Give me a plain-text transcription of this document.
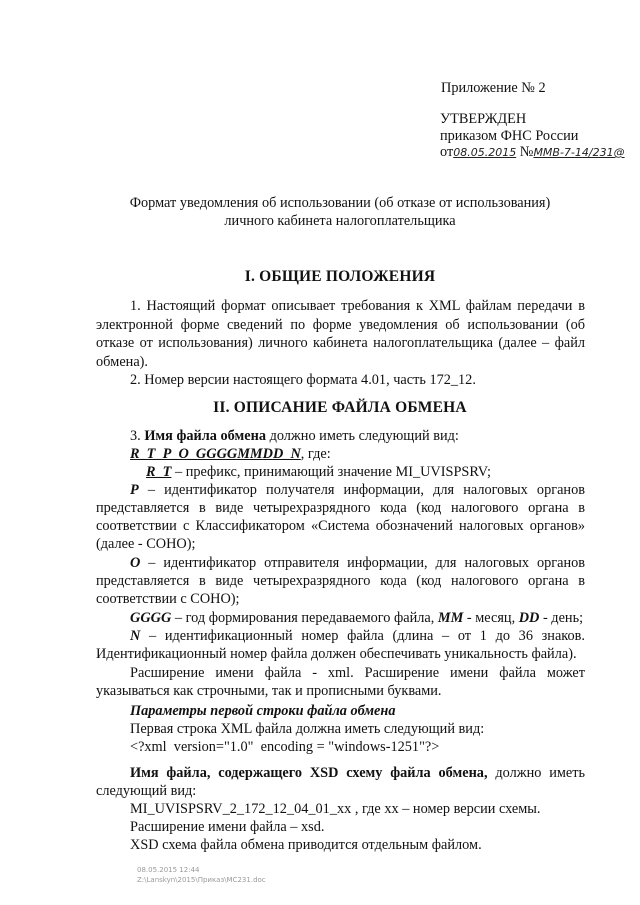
Приложение № 2
УТВЕРЖДЕН
приказом ФНС России
от08.05.2015 №ММВ-7-14/231@
Формат уведомления об использовании (об отказе от использования)
личного кабинета налогоплательщика
I. ОБЩИЕ ПОЛОЖЕНИЯ
1. Настоящий формат описывает требования к XML файлам передачи в
электронной форме сведений по форме уведомления об использовании (об
отказе от использования) личного кабинета налогоплательщика (далее – файл
обмена).
2. Номер версии настоящего формата 4.01, часть 172_12.
II. ОПИСАНИЕ ФАЙЛА ОБМЕНА
3. Имя файла обмена должно иметь следующий вид:
R_T_P_O_GGGGMMDD_N, где:
R_T – префикс, принимающий значение MI_UVISPSRV;
P – идентификатор получателя информации, для налоговых органов
представляется в виде четырехразрядного кода (код налогового органа в
соответствии с Классификатором «Система обозначений налоговых органов»
(далее - СОНО);
O – идентификатор отправителя информации, для налоговых органов
представляется в виде четырехразрядного кода (код налогового органа в
соответствии с СОНО);
GGGG – год формирования передаваемого файла, MM - месяц, DD - день;
N – идентификационный номер файла (длина – от 1 до 36 знаков.
Идентификационный номер файла должен обеспечивать уникальность файла).
Расширение имени файла - xml. Расширение имени файла может
указываться как строчными, так и прописными буквами.
Параметры первой строки файла обмена
Первая строка XML файла должна иметь следующий вид:
<?xml  version="1.0"  encoding = "windows-1251"?>
Имя файла, содержащего XSD схему файла обмена, должно иметь
следующий вид:
MI_UVISPSRV_2_172_12_04_01_xx , где хх – номер версии схемы.
Расширение имени файла – xsd.
XSD схема файла обмена приводится отдельным файлом.
08.05.2015 12:44
Z:\Lanskyn\2015\Приказ\МС231.doc
